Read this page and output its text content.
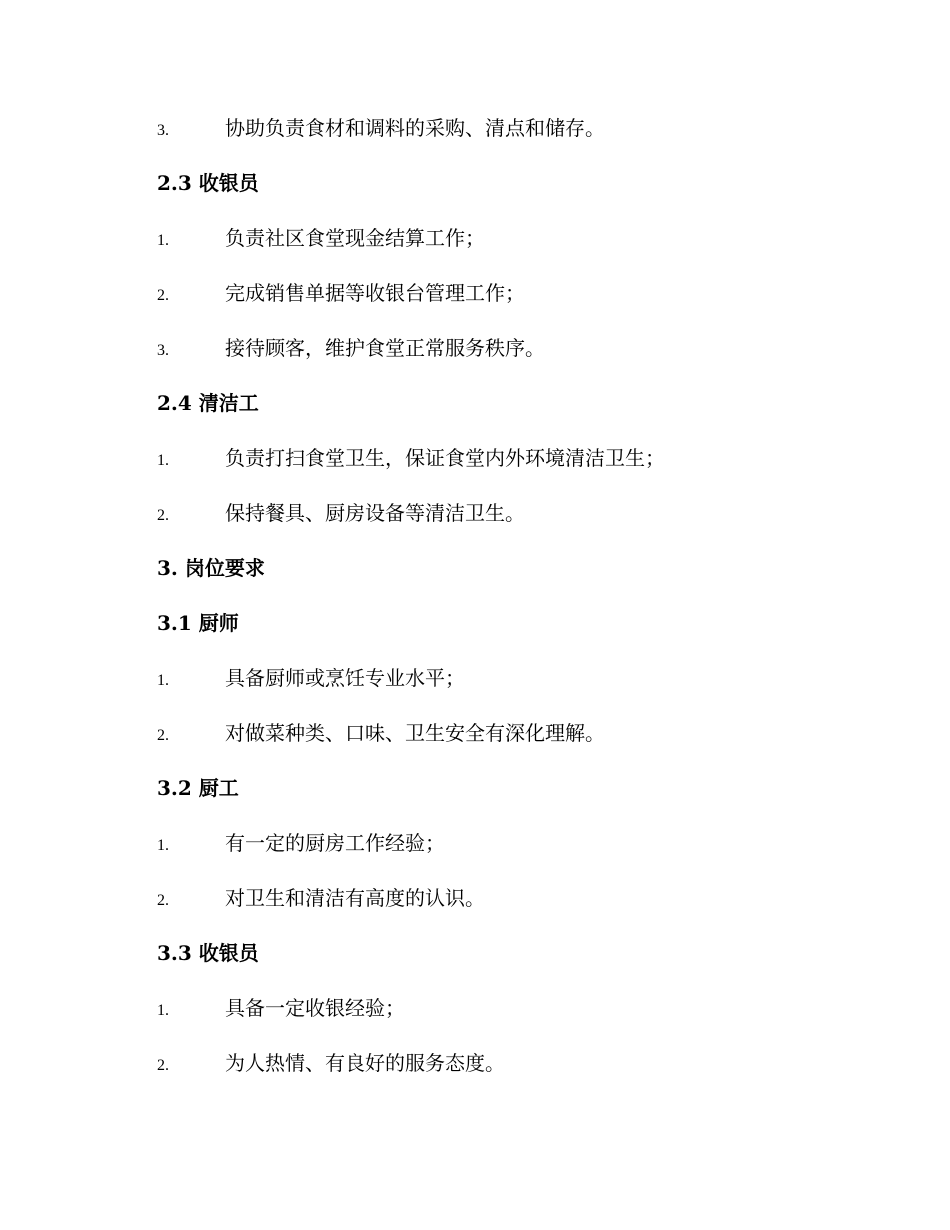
3.	协助负责食材和调料的采购、清点和储存。
2.3 收银员
1.	负责社区食堂现金结算工作；
2.	完成销售单据等收银台管理工作；
3.	接待顾客，维护食堂正常服务秩序。
2.4 清洁工
1.	负责打扫食堂卫生，保证食堂内外环境清洁卫生；
2.	保持餐具、厨房设备等清洁卫生。
3. 岗位要求
3.1 厨师
1.	具备厨师或烹饪专业水平；
2.	对做菜种类、口味、卫生安全有深化理解。
3.2 厨工
1.	有一定的厨房工作经验；
2.	对卫生和清洁有高度的认识。
3.3 收银员
1.	具备一定收银经验；
2.	为人热情、有良好的服务态度。
